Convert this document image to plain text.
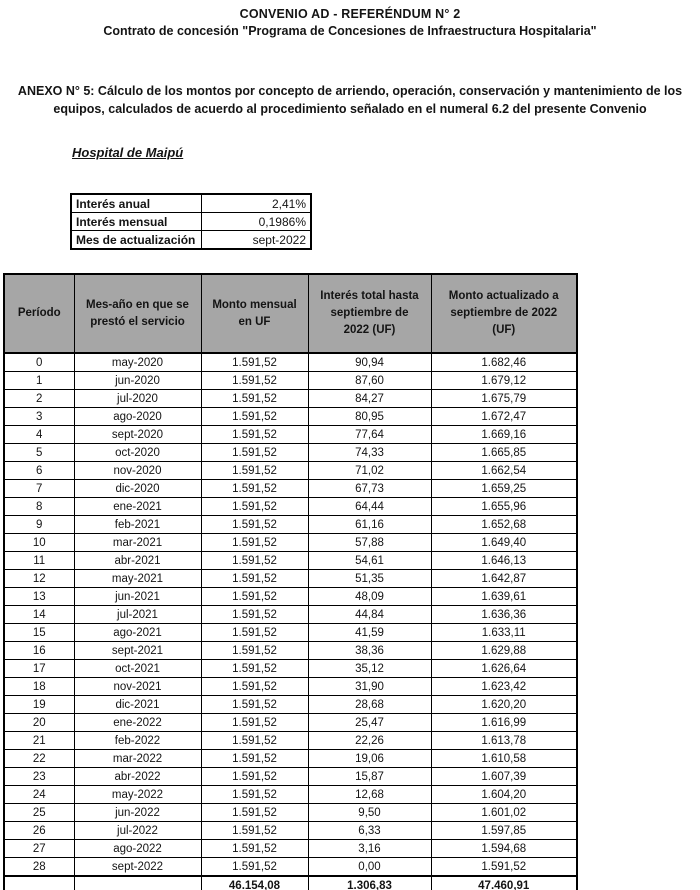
CONVENIO AD - REFERÉNDUM N° 2
Contrato de concesión "Programa de Concesiones de Infraestructura Hospitalaria"
ANEXO N° 5: Cálculo de los montos por concepto de arriendo, operación, conservación y mantenimiento de los equipos, calculados de acuerdo al procedimiento señalado en el numeral 6.2 del presente Convenio
Hospital de Maipú
Interés anual	2,41%
Interés mensual	0,1986%
Mes de actualización	sept-2022
Período	Mes-año en que se prestó el servicio	Monto mensual en UF	Interés total hasta septiembre de 2022 (UF)	Monto actualizado a septiembre de 2022 (UF)
0	may-2020	1.591,52	90,94	1.682,46
1	jun-2020	1.591,52	87,60	1.679,12
2	jul-2020	1.591,52	84,27	1.675,79
3	ago-2020	1.591,52	80,95	1.672,47
4	sept-2020	1.591,52	77,64	1.669,16
5	oct-2020	1.591,52	74,33	1.665,85
6	nov-2020	1.591,52	71,02	1.662,54
7	dic-2020	1.591,52	67,73	1.659,25
8	ene-2021	1.591,52	64,44	1.655,96
9	feb-2021	1.591,52	61,16	1.652,68
10	mar-2021	1.591,52	57,88	1.649,40
11	abr-2021	1.591,52	54,61	1.646,13
12	may-2021	1.591,52	51,35	1.642,87
13	jun-2021	1.591,52	48,09	1.639,61
14	jul-2021	1.591,52	44,84	1.636,36
15	ago-2021	1.591,52	41,59	1.633,11
16	sept-2021	1.591,52	38,36	1.629,88
17	oct-2021	1.591,52	35,12	1.626,64
18	nov-2021	1.591,52	31,90	1.623,42
19	dic-2021	1.591,52	28,68	1.620,20
20	ene-2022	1.591,52	25,47	1.616,99
21	feb-2022	1.591,52	22,26	1.613,78
22	mar-2022	1.591,52	19,06	1.610,58
23	abr-2022	1.591,52	15,87	1.607,39
24	may-2022	1.591,52	12,68	1.604,20
25	jun-2022	1.591,52	9,50	1.601,02
26	jul-2022	1.591,52	6,33	1.597,85
27	ago-2022	1.591,52	3,16	1.594,68
28	sept-2022	1.591,52	0,00	1.591,52
		46.154,08	1.306,83	47.460,91
